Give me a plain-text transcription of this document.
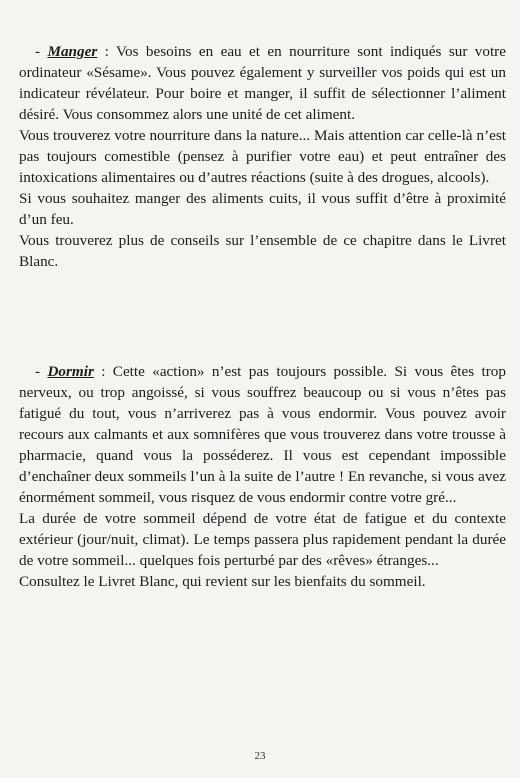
- Manger : Vos besoins en eau et en nourriture sont indiqués sur votre ordinateur «Sésame». Vous pouvez également y surveiller vos poids qui est un indicateur révélateur. Pour boire et manger, il suffit de sélectionner l’aliment désiré. Vous consommez alors une unité de cet aliment.

Vous trouverez votre nourriture dans la nature... Mais attention car celle-là n’est pas toujours comestible (pensez à purifier votre eau) et peut entraîner des intoxications alimentaires ou d’autres réactions (suite à des drogues, alcools).

Si vous souhaitez manger des aliments cuits, il vous suffit d’être à proximité d’un feu.

Vous trouverez plus de conseils sur l’ensemble de ce chapitre dans le Livret Blanc.

- Dormir : Cette «action» n’est pas toujours possible. Si vous êtes trop nerveux, ou trop angoissé, si vous souffrez beaucoup ou si vous n’êtes pas fatigué du tout, vous n’arriverez pas à vous endormir. Vous pouvez avoir recours aux calmants et aux somnifères que vous trouverez dans votre trousse à pharmacie, quand vous la posséderez. Il vous est cependant impossible d’enchaîner deux sommeils l’un à la suite de l’autre ! En revanche, si vous avez énormément sommeil, vous risquez de vous endormir contre votre gré...

La durée de votre sommeil dépend de votre état de fatigue et du contexte extérieur (jour/nuit, climat). Le temps passera plus rapidement pendant la durée de votre sommeil... quelques fois perturbé par des «rêves» étranges...

Consultez le Livret Blanc, qui revient sur les bienfaits du sommeil.

23
